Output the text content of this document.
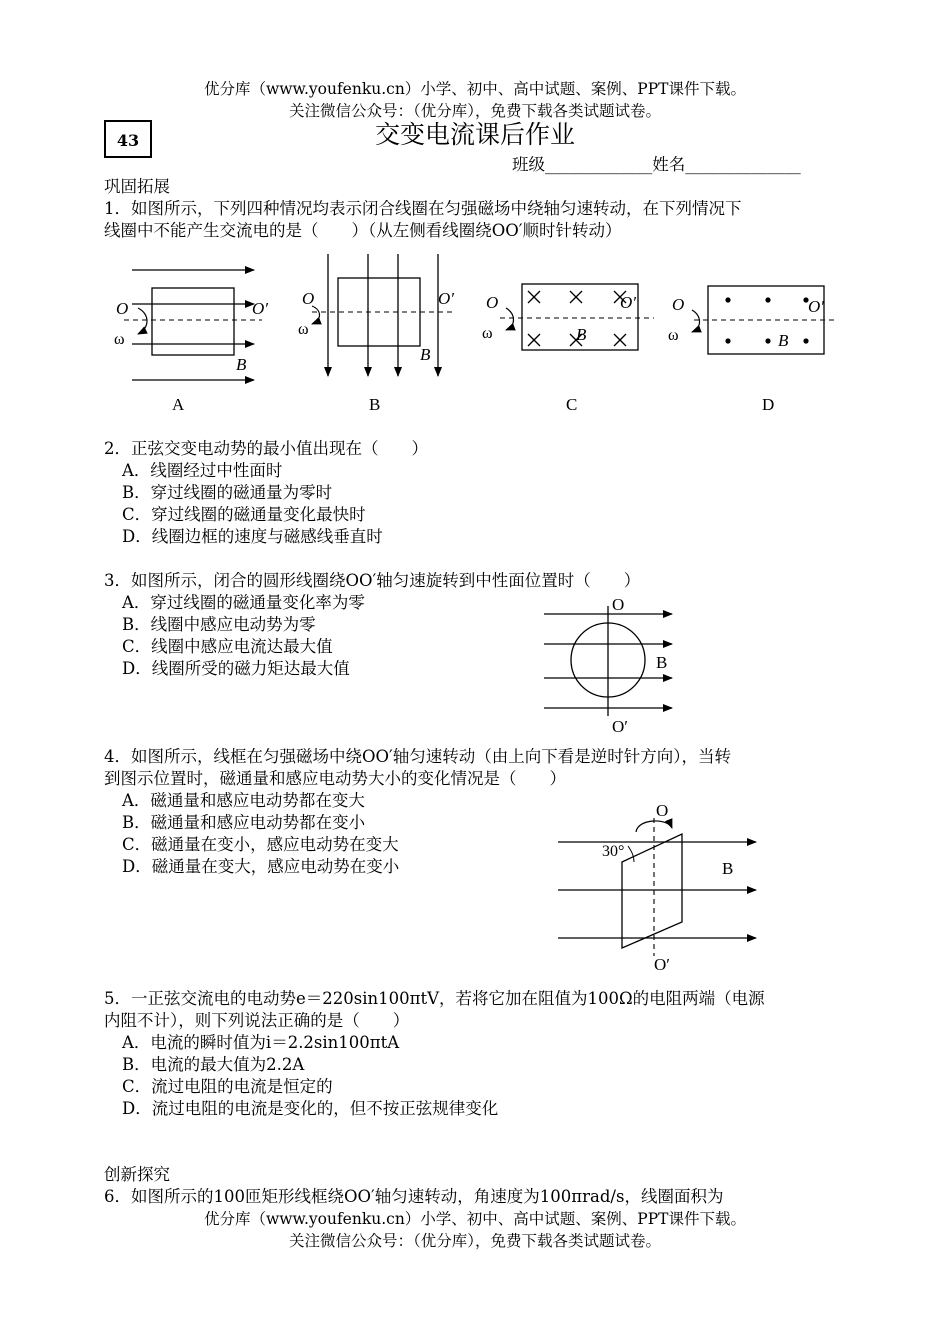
优分库（www.youfenku.cn）小学、初中、高中试题、案例、PPT课件下载。
关注微信公众号：（优分库），免费下载各类试题试卷。
43	交变电流课后作业
班级_____________姓名______________
巩固拓展
1．如图所示，下列四种情况均表示闭合线圈在匀强磁场中绕轴匀速转动，在下列情况下
线圈中不能产生交流电的是（　　）（从左侧看线圈绕OO′顺时针转动）
O	O′
ω
B
O	O′
ω
B
O	O′
ω	B
O	O′
ω	B
A	B	C	D
2．正弦交变电动势的最小值出现在（　　）
A．线圈经过中性面时
B．穿过线圈的磁通量为零时
C．穿过线圈的磁通量变化最快时
D．线圈边框的速度与磁感线垂直时
3．如图所示，闭合的圆形线圈绕OO′轴匀速旋转到中性面位置时（　　）
A．穿过线圈的磁通量变化率为零
B．线圈中感应电动势为零
C．线圈中感应电流达最大值
D．线圈所受的磁力矩达最大值
O
B
O′
4．如图所示，线框在匀强磁场中绕OO′轴匀速转动（由上向下看是逆时针方向），当转
到图示位置时，磁通量和感应电动势大小的变化情况是（　　）
A．磁通量和感应电动势都在变大
B．磁通量和感应电动势都在变小
C．磁通量在变小，感应电动势在变大
D．磁通量在变大，感应电动势在变小
O
30°
B
O′
5．一正弦交流电的电动势e＝220sin100πtV，若将它加在阻值为100Ω的电阻两端（电源
内阻不计），则下列说法正确的是（　　）
A．电流的瞬时值为i＝2.2sin100πtA
B．电流的最大值为2.2A
C．流过电阻的电流是恒定的
D．流过电阻的电流是变化的，但不按正弦规律变化
创新探究
6．如图所示的100匝矩形线框绕OO′轴匀速转动，角速度为100πrad/s，线圈面积为
优分库（www.youfenku.cn）小学、初中、高中试题、案例、PPT课件下载。
关注微信公众号：（优分库），免费下载各类试题试卷。
